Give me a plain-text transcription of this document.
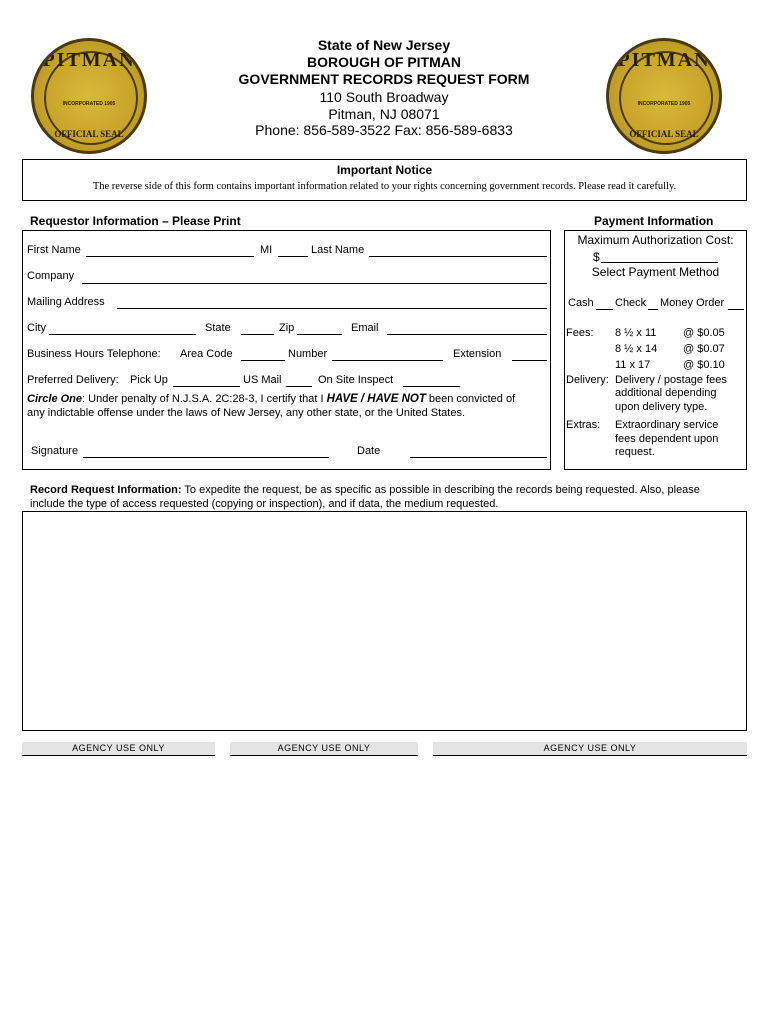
PITMAN
INCORPORATED 1905
OFFICIAL SEAL
PITMAN
INCORPORATED 1905
OFFICIAL SEAL
State of New Jersey
BOROUGH OF PITMAN
GOVERNMENT RECORDS REQUEST FORM
110 South Broadway
Pitman, NJ 08071
Phone: 856-589-3522 Fax: 856-589-6833
Important Notice
The reverse side of this form contains important information related to your rights concerning government records. Please read it carefully.
Requestor Information – Please Print	Payment Information
First Name	MI	Last Name
Company
Mailing Address
City	State	Zip	Email
Business Hours Telephone: Area Code	Number	Extension
Preferred Delivery: Pick Up	US Mail	On Site Inspect
Circle One: Under penalty of N.J.S.A. 2C:28-3, I certify that I HAVE / HAVE NOT been convicted of
any indictable offense under the laws of New Jersey, any other state, or the United States.
Signature	Date
Maximum Authorization Cost:
$
Select Payment Method
Cash Check Money Order
Fees: 8 ½ x 11 @ $0.05
8 ½ x 14 @ $0.07
11 x 17	@ $0.10
Delivery: Delivery / postage fees
additional depending
upon delivery type.
Extras: Extraordinary service
fees dependent upon
request.
Record Request Information: To expedite the request, be as specific as possible in describing the records being requested. Also, please
include the type of access requested (copying or inspection), and if data, the medium requested.
AGENCY USE ONLY	AGENCY USE ONLY	AGENCY USE ONLY
